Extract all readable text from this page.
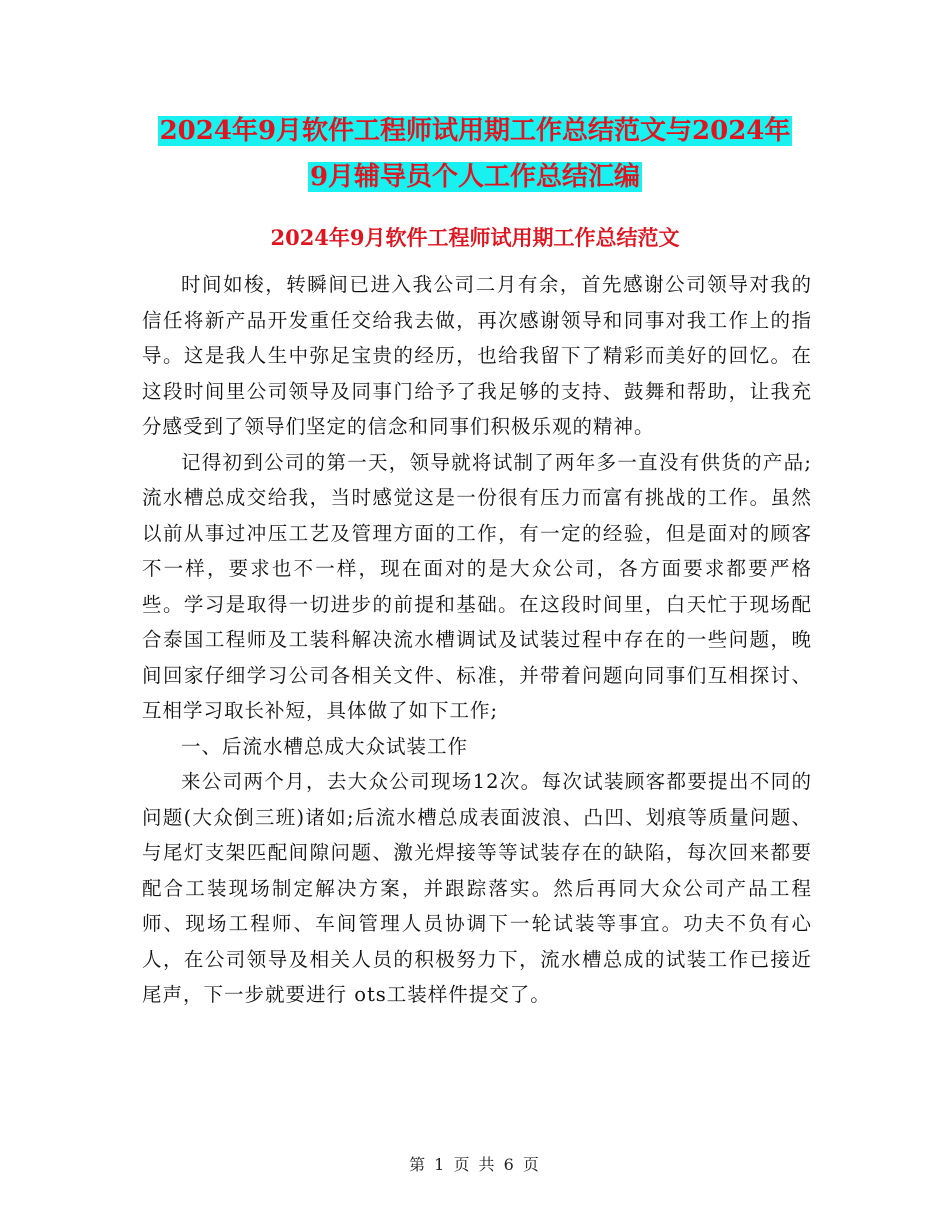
2024年9月软件工程师试用期工作总结范文与2024年
9月辅导员个人工作总结汇编
2024年9月软件工程师试用期工作总结范文

时间如梭，转瞬间已进入我公司二月有余，首先感谢公司领导对我的信任将新产品开发重任交给我去做，再次感谢领导和同事对我工作上的指导。这是我人生中弥足宝贵的经历，也给我留下了精彩而美好的回忆。在这段时间里公司领导及同事门给予了我足够的支持、鼓舞和帮助，让我充分感受到了领导们坚定的信念和同事们积极乐观的精神。

记得初到公司的第一天，领导就将试制了两年多一直没有供货的产品;流水槽总成交给我，当时感觉这是一份很有压力而富有挑战的工作。虽然以前从事过冲压工艺及管理方面的工作，有一定的经验，但是面对的顾客不一样，要求也不一样，现在面对的是大众公司，各方面要求都要严格些。学习是取得一切进步的前提和基础。在这段时间里，白天忙于现场配合泰国工程师及工装科解决流水槽调试及试装过程中存在的一些问题，晚间回家仔细学习公司各相关文件、标准，并带着问题向同事们互相探讨、互相学习取长补短，具体做了如下工作;

一、后流水槽总成大众试装工作

来公司两个月，去大众公司现场12次。每次试装顾客都要提出不同的问题(大众倒三班)诸如;后流水槽总成表面波浪、凸凹、划痕等质量问题、与尾灯支架匹配间隙问题、激光焊接等等试装存在的缺陷，每次回来都要配合工装现场制定解决方案，并跟踪落实。然后再同大众公司产品工程师、现场工程师、车间管理人员协调下一轮试装等事宜。功夫不负有心人，在公司领导及相关人员的积极努力下，流水槽总成的试装工作已接近尾声，下一步就要进行 ots工装样件提交了。

第 1 页 共 6 页
